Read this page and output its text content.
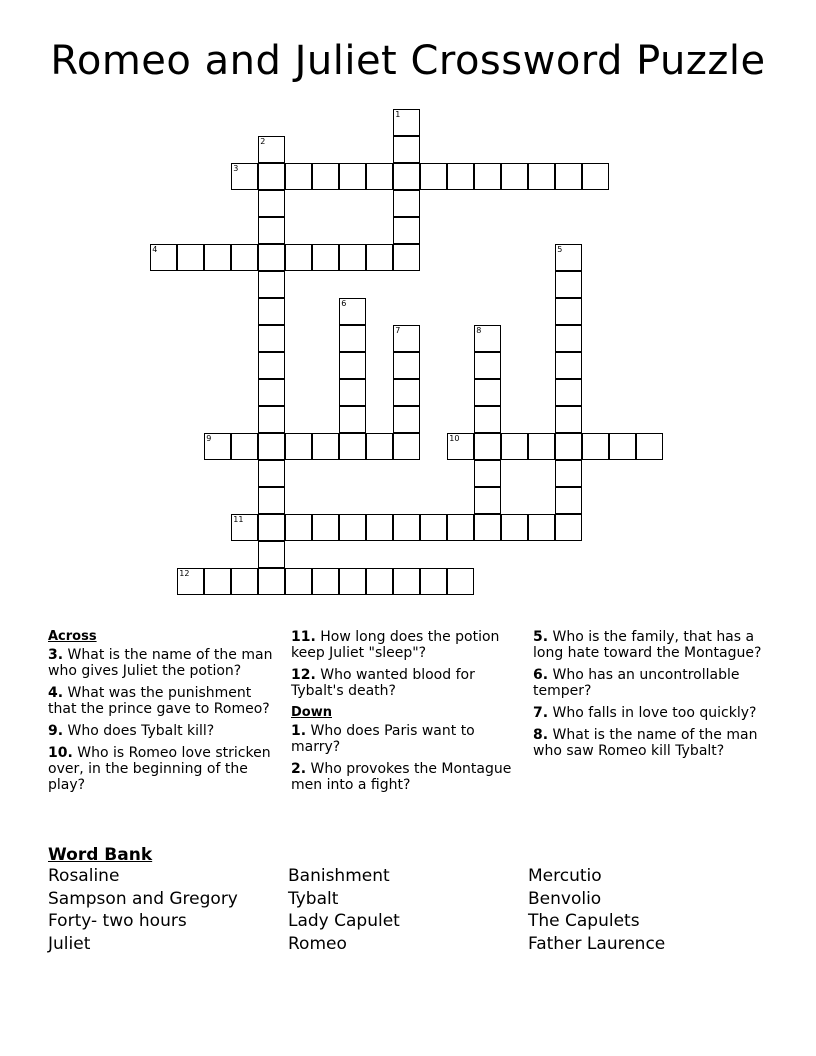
Romeo and Juliet Crossword Puzzle
1
2
3
4	5
6
7	8
9	10
11
12
Across
3. What is the name of the man who gives Juliet the potion?
4. What was the punishment that the prince gave to Romeo?
9. Who does Tybalt kill?
10. Who is Romeo love stricken over, in the beginning of the play?
11. How long does the potion keep Juliet "sleep"?
12. Who wanted blood for Tybalt's death?
Down
1. Who does Paris want to marry?
2. Who provokes the Montague men into a fight?
5. Who is the family, that has a long hate toward the Montague?
6. Who has an uncontrollable temper?
7. Who falls in love too quickly?
8. What is the name of the man who saw Romeo kill Tybalt?
Word Bank
Rosaline	Banishment	Mercutio
Sampson and Gregory	Tybalt	Benvolio
Forty- two hours	Lady Capulet	The Capulets
Juliet	Romeo	Father Laurence
